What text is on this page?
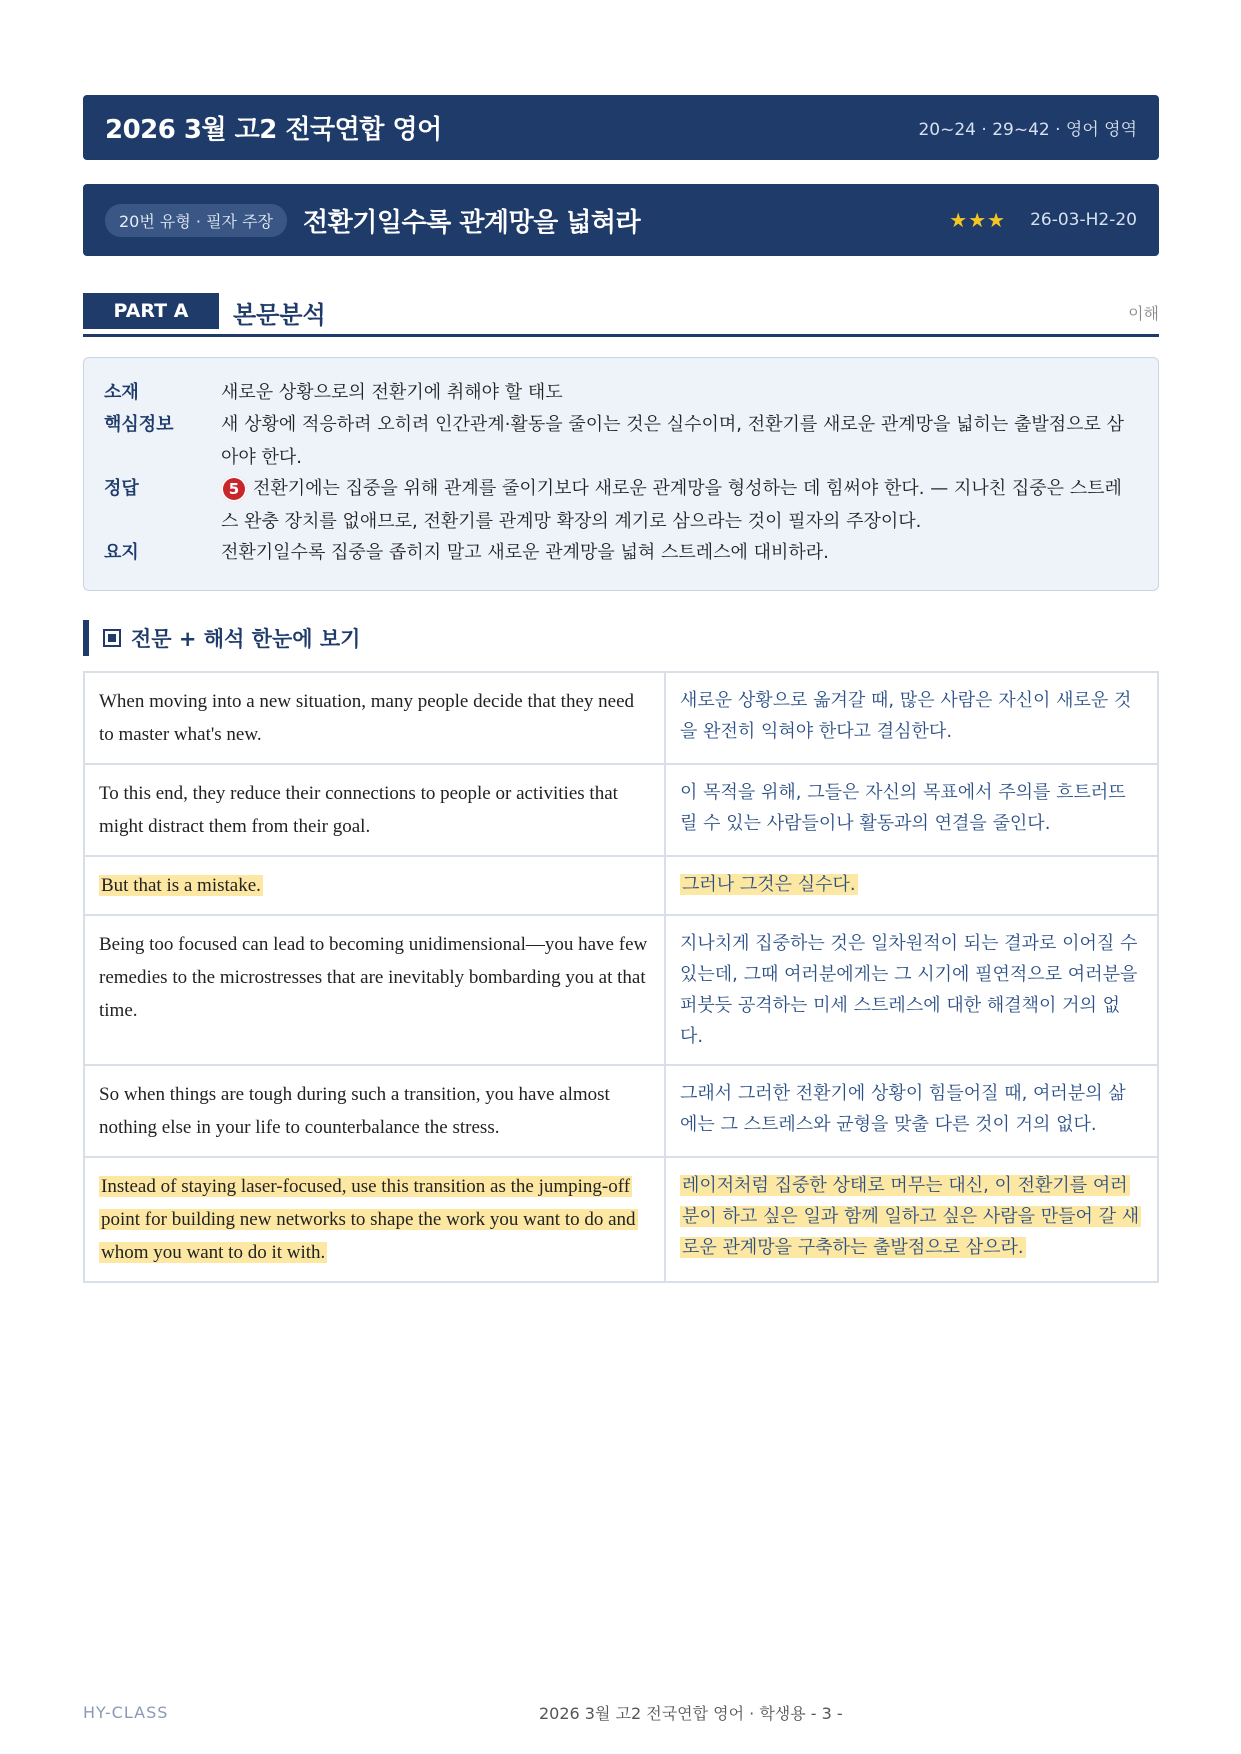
2026 3월 고2 전국연합 영어	20~24 · 29~42 · 영어 영역
20번 유형 · 필자 주장	전환기일수록 관계망을 넓혀라	★★★ 26-03-H2-20
PART A	본문분석	이해
소재	새로운 상황으로의 전환기에 취해야 할 태도
핵심정보	새 상황에 적응하려 오히려 인간관계·활동을 줄이는 것은 실수이며, 전환기를 새로운 관계망을 넓히는 출발점으로 삼아야 한다.
정답	5 전환기에는 집중을 위해 관계를 줄이기보다 새로운 관계망을 형성하는 데 힘써야 한다. — 지나친 집중은 스트레스 완충 장치를 없애므로, 전환기를 관계망 확장의 계기로 삼으라는 것이 필자의 주장이다.
요지	전환기일수록 집중을 좁히지 말고 새로운 관계망을 넓혀 스트레스에 대비하라.
전문 + 해석 한눈에 보기
When moving into a new situation, many people decide that they need to master what's new.	새로운 상황으로 옮겨갈 때, 많은 사람은 자신이 새로운 것을 완전히 익혀야 한다고 결심한다.
To this end, they reduce their connections to people or activities that might distract them from their goal.	이 목적을 위해, 그들은 자신의 목표에서 주의를 흐트러뜨릴 수 있는 사람들이나 활동과의 연결을 줄인다.
But that is a mistake.	그러나 그것은 실수다.
Being too focused can lead to becoming unidimensional—you have few remedies to the microstresses that are inevitably bombarding you at that time.	지나치게 집중하는 것은 일차원적이 되는 결과로 이어질 수 있는데, 그때 여러분에게는 그 시기에 필연적으로 여러분을 퍼붓듯 공격하는 미세 스트레스에 대한 해결책이 거의 없다.
So when things are tough during such a transition, you have almost nothing else in your life to counterbalance the stress.	그래서 그러한 전환기에 상황이 힘들어질 때, 여러분의 삶에는 그 스트레스와 균형을 맞출 다른 것이 거의 없다.
Instead of staying laser-focused, use this transition as the jumping-off point for building new networks to shape the work you want to do and whom you want to do it with.	레이저처럼 집중한 상태로 머무는 대신, 이 전환기를 여러분이 하고 싶은 일과 함께 일하고 싶은 사람을 만들어 갈 새로운 관계망을 구축하는 출발점으로 삼으라.
HY-CLASS	2026 3월 고2 전국연합 영어 · 학생용 - 3 -
